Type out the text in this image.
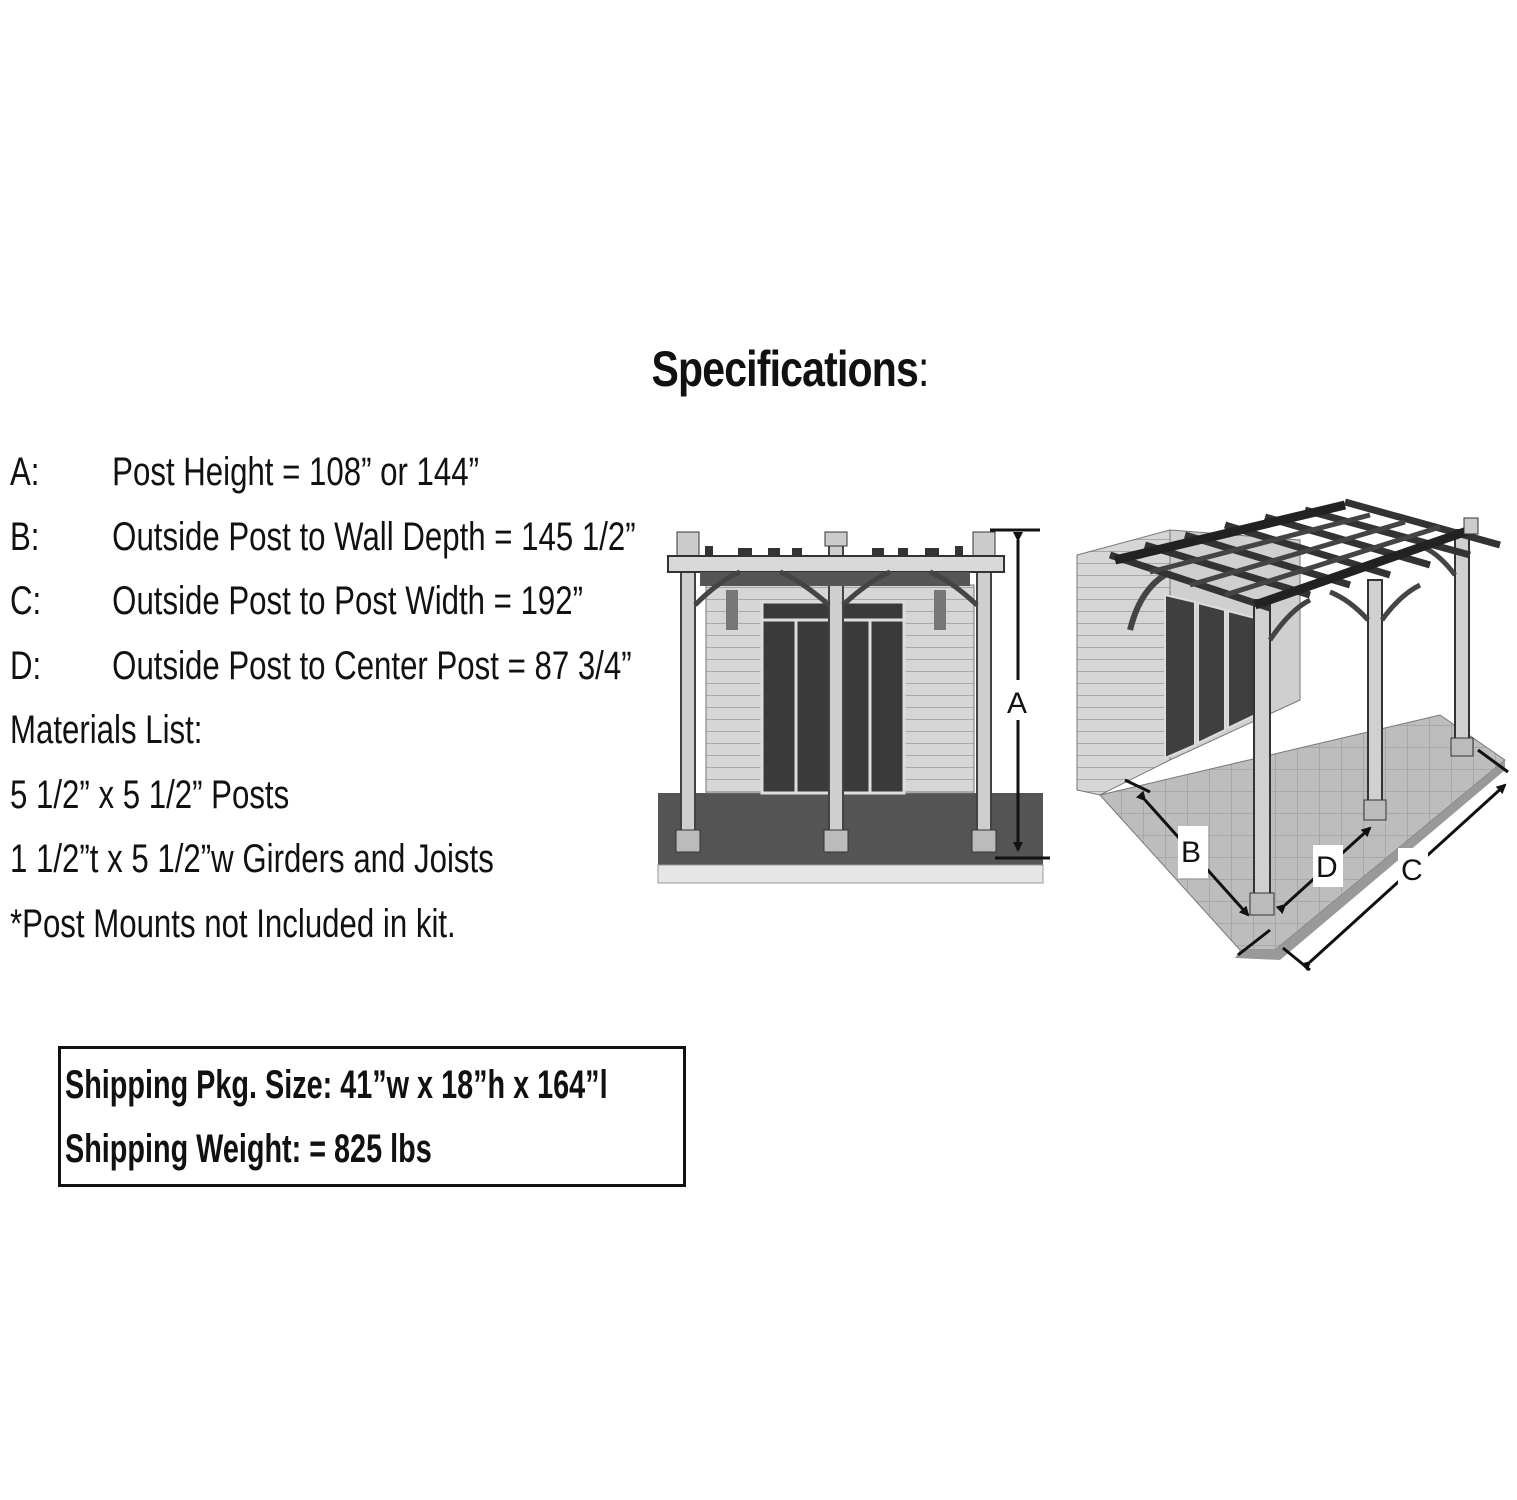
Specifications:
A: Post Height = 108” or 144”
B: Outside Post to Wall Depth = 145 1/2”
C: Outside Post to Post Width = 192”
D: Outside Post to Center Post = 87 3/4”
Materials List:
5 1/2” x 5 1/2” Posts
1 1/2”t x 5 1/2”w Girders and Joists
*Post Mounts not Included in kit.
Shipping Pkg. Size: 41”w x 18”h x 164”l
Shipping Weight: = 825 lbs
A
B	D C
